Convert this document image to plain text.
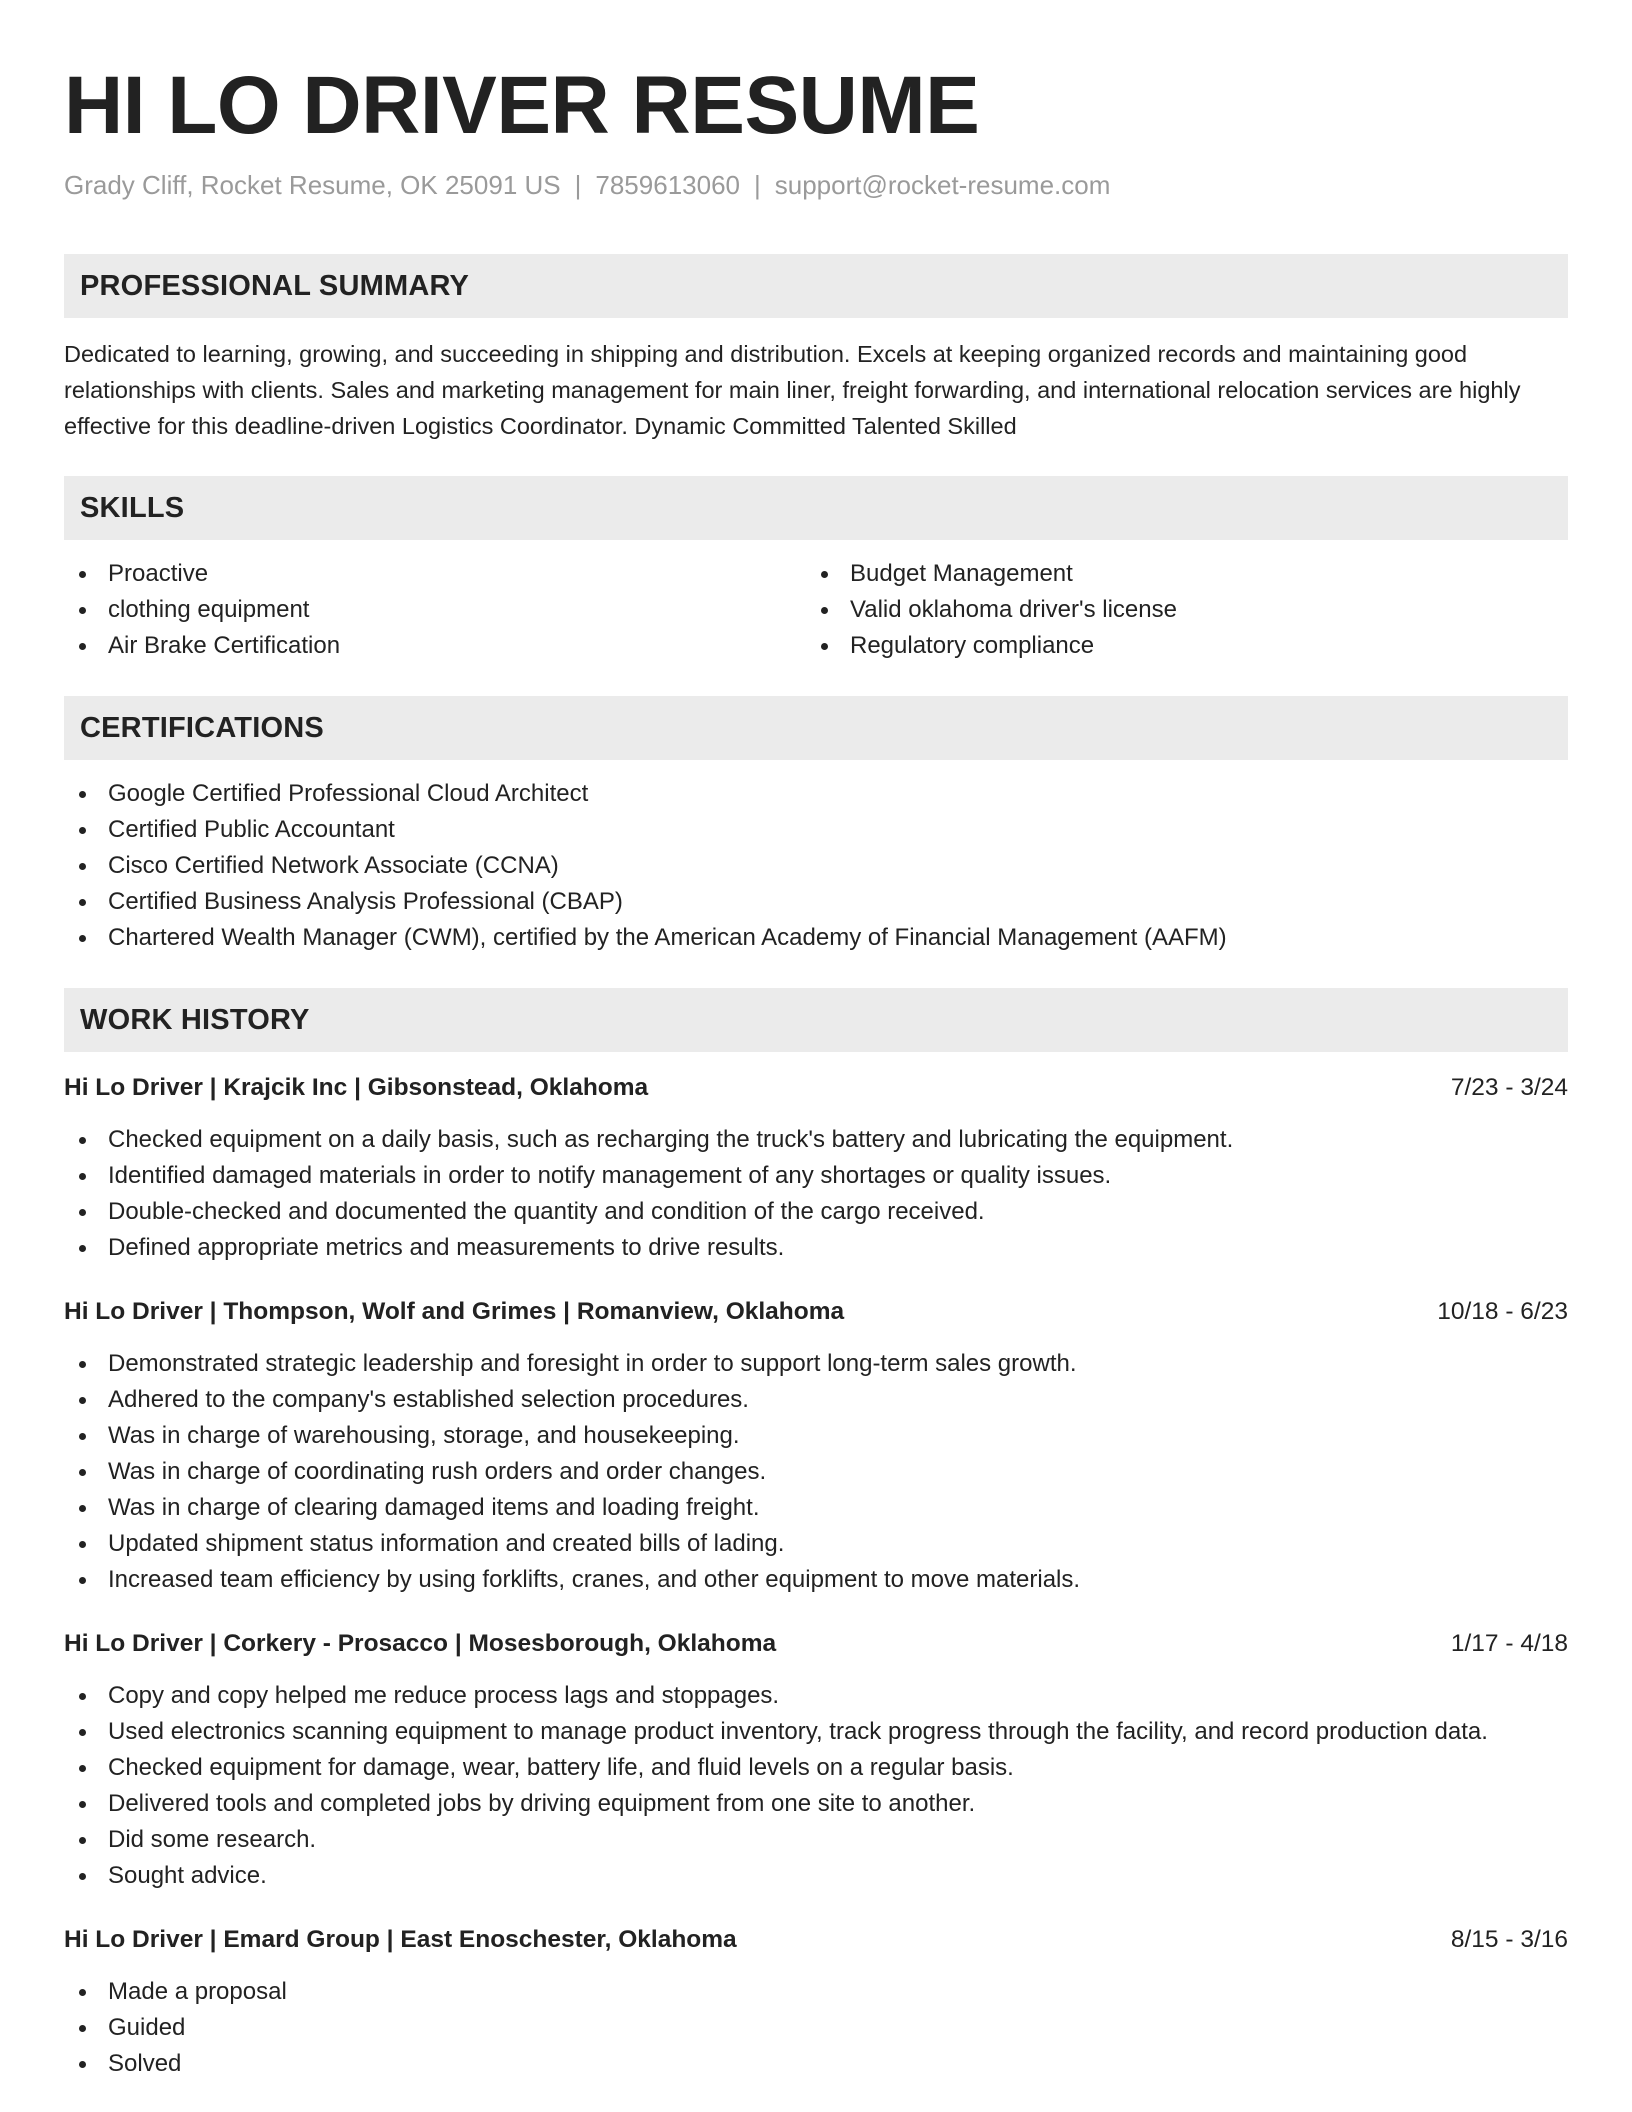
HI LO DRIVER RESUME
Grady Cliff, Rocket Resume, OK 25091 US | 7859613060 | support@rocket-resume.com
PROFESSIONAL SUMMARY

Dedicated to learning, growing, and succeeding in shipping and distribution. Excels at keeping organized records and maintaining good relationships with clients. Sales and marketing management for main liner, freight forwarding, and international relocation services are highly effective for this deadline-driven Logistics Coordinator. Dynamic Committed Talented Skilled

SKILLS
Proactive
clothing equipment
Air Brake Certification
Budget Management
Valid oklahoma driver's license
Regulatory compliance
CERTIFICATIONS
Google Certified Professional Cloud Architect
Certified Public Accountant
Cisco Certified Network Associate (CCNA)
Certified Business Analysis Professional (CBAP)
Chartered Wealth Manager (CWM), certified by the American Academy of Financial Management (AAFM)
WORK HISTORY
Hi Lo Driver | Krajcik Inc | Gibsonstead, Oklahoma	7/23 - 3/24
Checked equipment on a daily basis, such as recharging the truck's battery and lubricating the equipment.
Identified damaged materials in order to notify management of any shortages or quality issues.
Double-checked and documented the quantity and condition of the cargo received.
Defined appropriate metrics and measurements to drive results.
Hi Lo Driver | Thompson, Wolf and Grimes | Romanview, Oklahoma	10/18 - 6/23
Demonstrated strategic leadership and foresight in order to support long-term sales growth.
Adhered to the company's established selection procedures.
Was in charge of warehousing, storage, and housekeeping.
Was in charge of coordinating rush orders and order changes.
Was in charge of clearing damaged items and loading freight.
Updated shipment status information and created bills of lading.
Increased team efficiency by using forklifts, cranes, and other equipment to move materials.
Hi Lo Driver | Corkery - Prosacco | Mosesborough, Oklahoma	1/17 - 4/18
Copy and copy helped me reduce process lags and stoppages.
Used electronics scanning equipment to manage product inventory, track progress through the facility, and record production data.
Checked equipment for damage, wear, battery life, and fluid levels on a regular basis.
Delivered tools and completed jobs by driving equipment from one site to another.
Did some research.
Sought advice.
Hi Lo Driver | Emard Group | East Enoschester, Oklahoma	8/15 - 3/16
Made a proposal
Guided
Solved
